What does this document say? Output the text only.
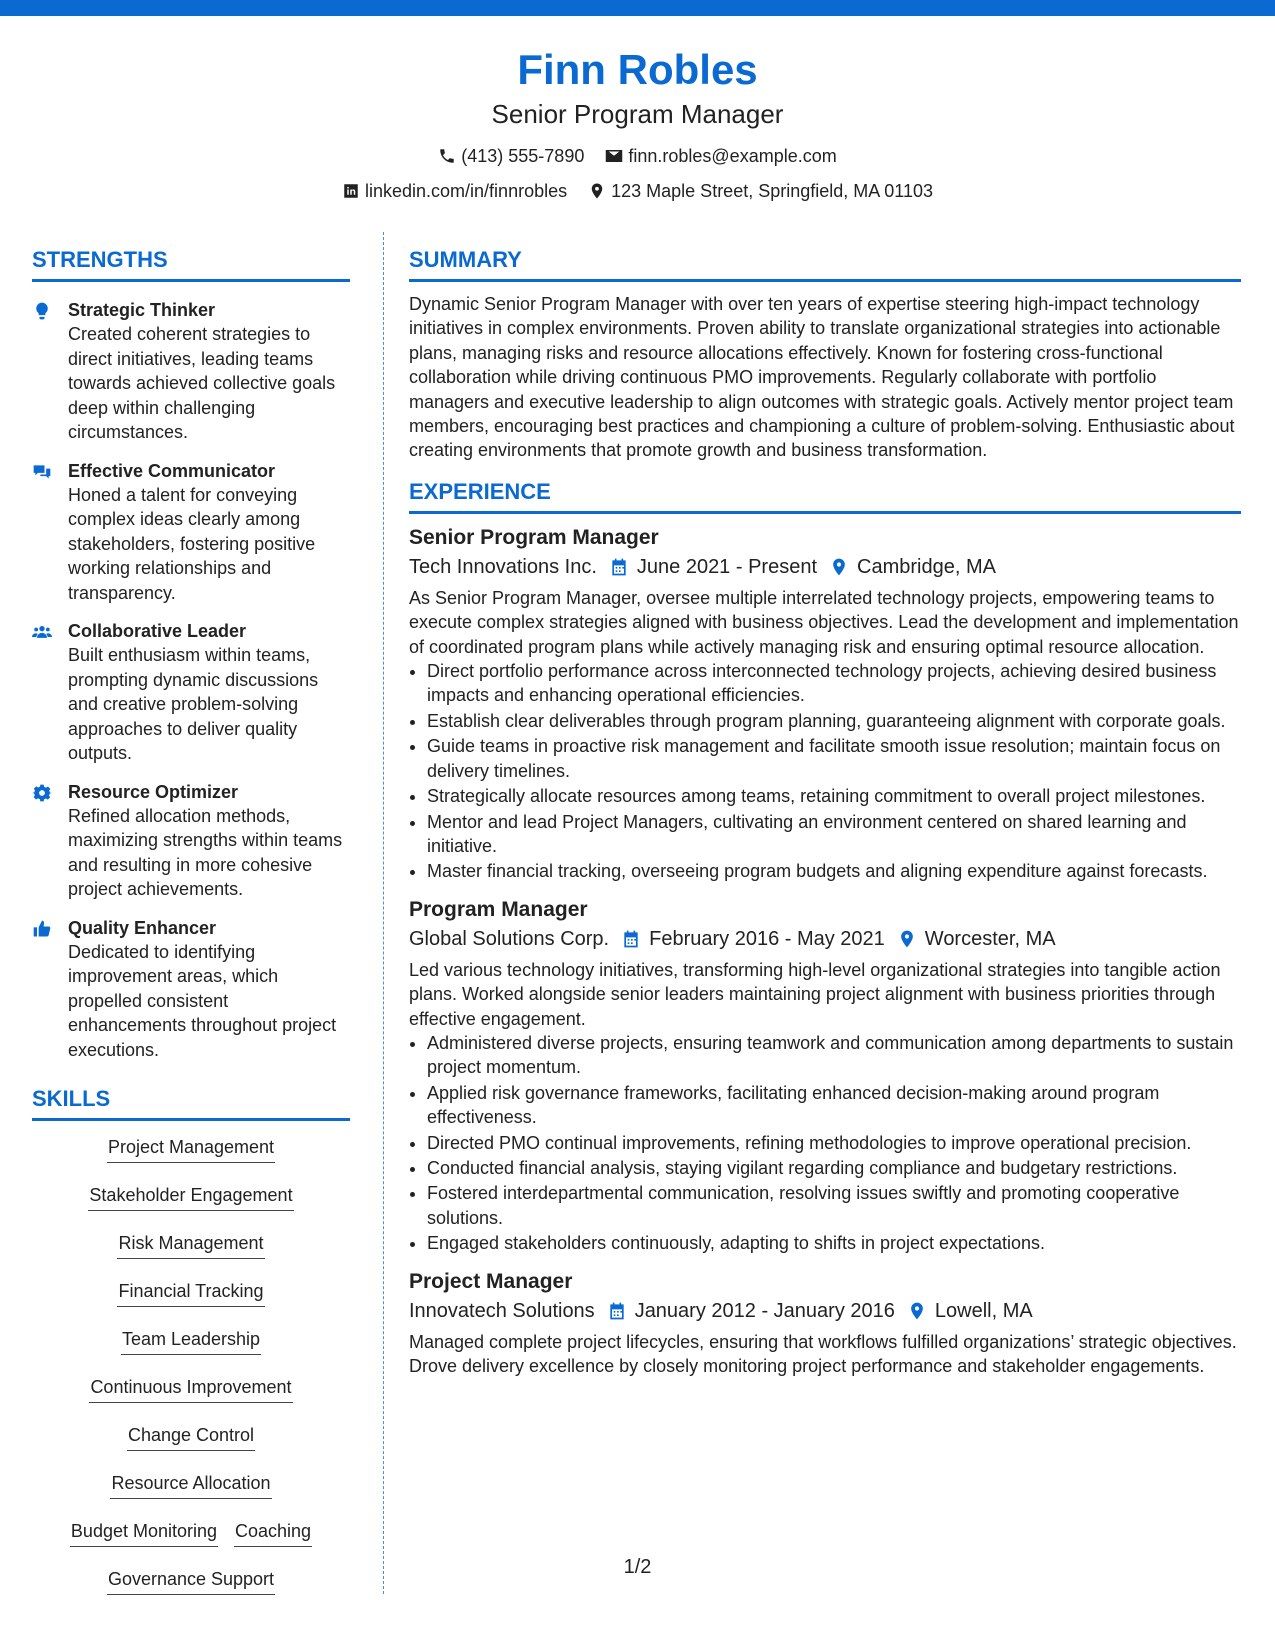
Finn Robles
Senior Program Manager
(413) 555-7890
finn.robles@example.com
linkedin.com/in/finnrobles
123 Maple Street, Springfield, MA 01103
STRENGTHS
Strategic Thinker
Created coherent strategies to direct initiatives, leading teams towards achieved collective goals deep within challenging circumstances.
Effective Communicator
Honed a talent for conveying complex ideas clearly among stakeholders, fostering positive working relationships and transparency.
Collaborative Leader
Built enthusiasm within teams, prompting dynamic discussions and creative problem-solving approaches to deliver quality outputs.
Resource Optimizer
Refined allocation methods, maximizing strengths within teams and resulting in more cohesive project achievements.
Quality Enhancer
Dedicated to identifying improvement areas, which propelled consistent enhancements throughout project executions.
SKILLS
Project Management
Stakeholder Engagement
Risk Management
Financial Tracking
Team Leadership
Continuous Improvement
Change Control
Resource Allocation
Budget Monitoring Coaching
Governance Support
SUMMARY

Dynamic Senior Program Manager with over ten years of expertise steering high-impact technology initiatives in complex environments. Proven ability to translate organizational strategies into actionable plans, managing risks and resource allocations effectively. Known for fostering cross-functional collaboration while driving continuous PMO improvements. Regularly collaborate with portfolio managers and executive leadership to align outcomes with strategic goals. Actively mentor project team members, encouraging best practices and championing a culture of problem-solving. Enthusiastic about creating environments that promote growth and business transformation.

EXPERIENCE
Senior Program Manager
Tech Innovations Inc. June 2021 - Present Cambridge, MA

As Senior Program Manager, oversee multiple interrelated technology projects, empowering teams to execute complex strategies aligned with business objectives. Lead the development and implementation of coordinated program plans while actively managing risk and ensuring optimal resource allocation.

• Direct portfolio performance across interconnected technology projects, achieving desired business impacts and enhancing operational efficiencies.
• Establish clear deliverables through program planning, guaranteeing alignment with corporate goals.
• Guide teams in proactive risk management and facilitate smooth issue resolution; maintain focus on delivery timelines.
• Strategically allocate resources among teams, retaining commitment to overall project milestones.
• Mentor and lead Project Managers, cultivating an environment centered on shared learning and initiative.
• Master financial tracking, overseeing program budgets and aligning expenditure against forecasts.
Program Manager
Global Solutions Corp. February 2016 - May 2021 Worcester, MA

Led various technology initiatives, transforming high-level organizational strategies into tangible action plans. Worked alongside senior leaders maintaining project alignment with business priorities through effective engagement.

• Administered diverse projects, ensuring teamwork and communication among departments to sustain project momentum.
• Applied risk governance frameworks, facilitating enhanced decision-making around program effectiveness.
• Directed PMO continual improvements, refining methodologies to improve operational precision.
• Conducted financial analysis, staying vigilant regarding compliance and budgetary restrictions.
• Fostered interdepartmental communication, resolving issues swiftly and promoting cooperative solutions.
• Engaged stakeholders continuously, adapting to shifts in project expectations.
Project Manager
Innovatech Solutions January 2012 - January 2016 Lowell, MA

Managed complete project lifecycles, ensuring that workflows fulfilled organizations’ strategic objectives. Drove delivery excellence by closely monitoring project performance and stakeholder engagements.

1/2
